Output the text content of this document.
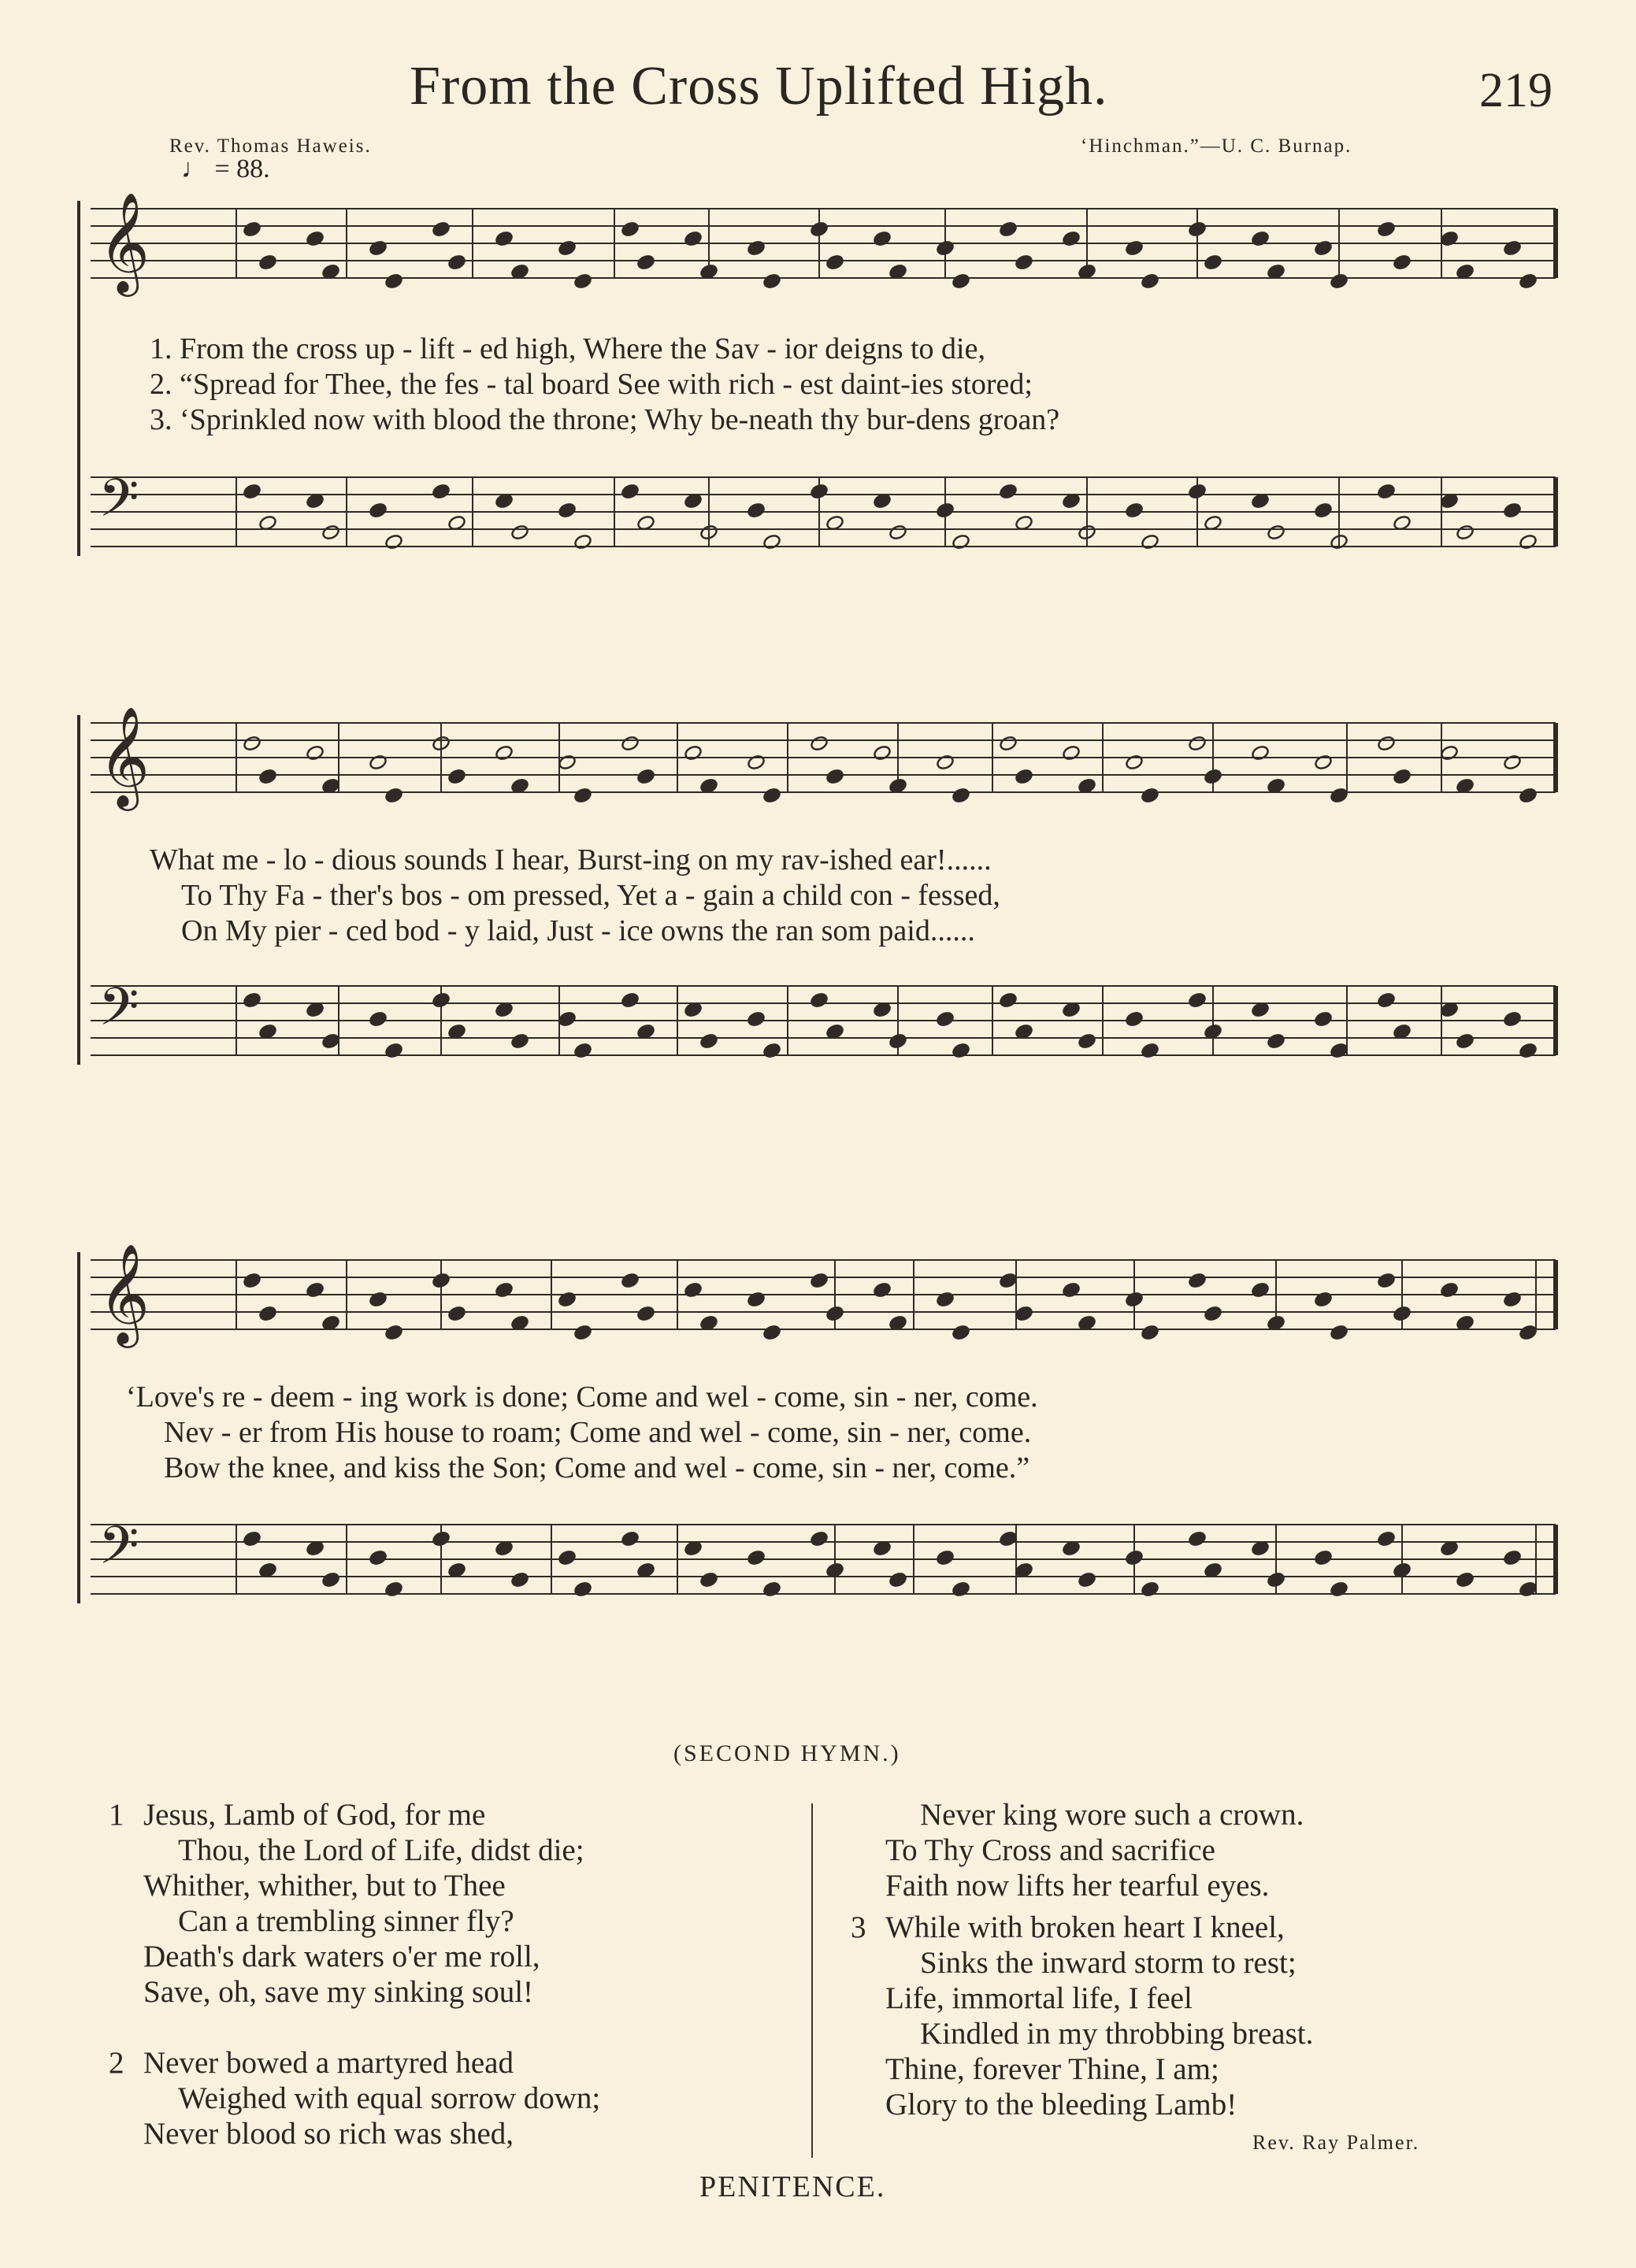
From the Cross Uplifted High.	219
Rev. Thomas Haweis.	‘Hinchman.”—U. C. Burnap.
♩ = 88.
𝄞
𝄢
𝄞
𝄢
𝄞
𝄢
1. From the cross up - lift - ed high, Where the Sav - ior deigns to die,
2. “Spread for Thee, the fes - tal board See with rich - est daint-ies stored;
3. ‘Sprinkled now with blood the throne; Why be-neath thy bur-dens groan?
What me - lo - dious sounds I hear, Burst-ing on my rav-ished ear!......
To Thy Fa - ther's bos - om pressed, Yet a - gain a child con - fessed,
On My pier - ced bod - y laid, Just - ice owns the ran som paid......
‘Love's re - deem - ing work is done; Come and wel - come, sin - ner, come.
Nev - er from His house to roam; Come and wel - come, sin - ner, come.
Bow the knee, and kiss the Son; Come and wel - come, sin - ner, come.”
(SECOND HYMN.)
1 Jesus, Lamb of God, for me
Thou, the Lord of Life, didst die;
Whither, whither, but to Thee
Can a trembling sinner fly?
Death's dark waters o'er me roll,
Save, oh, save my sinking soul!
2 Never bowed a martyred head
Weighed with equal sorrow down;
Never blood so rich was shed,
Never king wore such a crown.
To Thy Cross and sacrifice
Faith now lifts her tearful eyes.
3 While with broken heart I kneel,
Sinks the inward storm to rest;
Life, immortal life, I feel
Kindled in my throbbing breast.
Thine, forever Thine, I am;
Glory to the bleeding Lamb!
Rev. Ray Palmer.
PENITENCE.
